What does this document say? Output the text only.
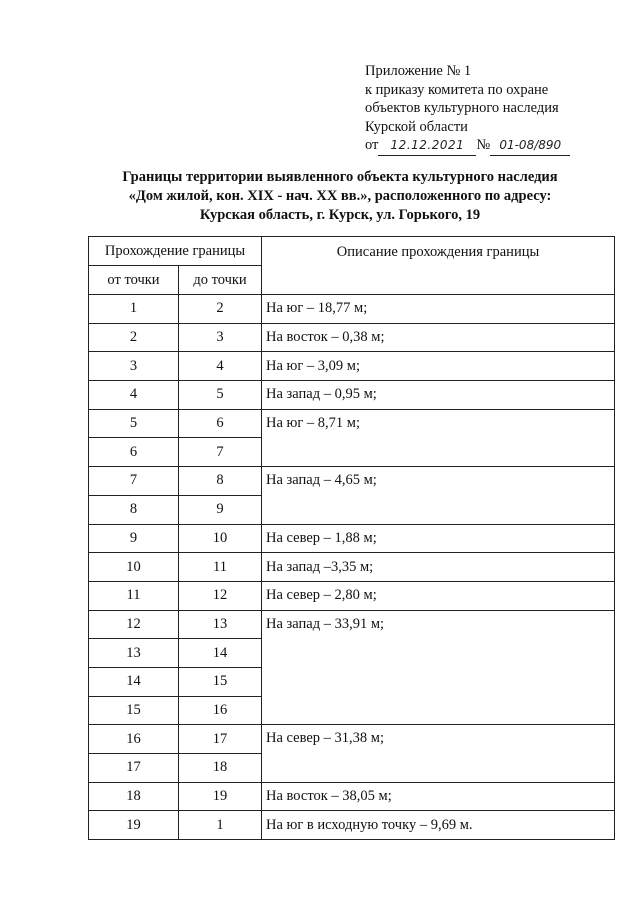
Приложение № 1
к приказу комитета по охране
объектов культурного наследия
Курской области
от 12.12.2021 № 01-08/890
Границы территории выявленного объекта культурного наследия
«Дом жилой, кон. XIX - нач. XX вв.», расположенного по адресу:
Курская область, г. Курск, ул. Горького, 19
Прохождение границы		Описание прохождения границы
от точки	до точки	
1	2	На юг – 18,77 м;
2	3	На восток – 0,38 м;
3	4	На юг – 3,09 м;
4	5	На запад – 0,95 м;
5	6	На юг – 8,71 м;
6	7	
7	8	На запад – 4,65 м;
8	9	
9	10	На север – 1,88 м;
10	11	На запад –3,35 м;
11	12	На север – 2,80 м;
12	13	На запад – 33,91 м;
13	14	
14	15	
15	16	
16	17	На север – 31,38 м;
17	18	
18	19	На восток – 38,05 м;
19	1	На юг в исходную точку – 9,69 м.
